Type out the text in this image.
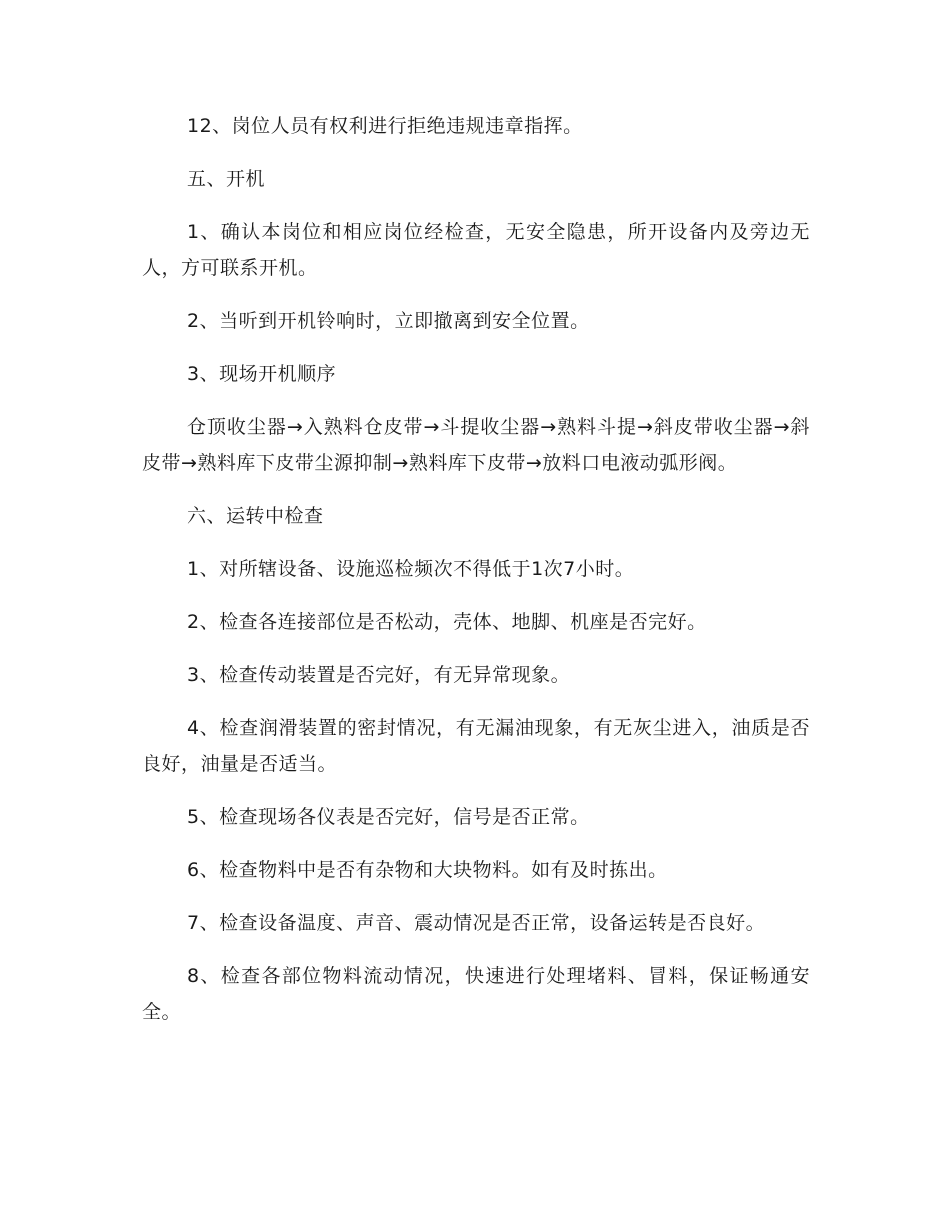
12、岗位人员有权利进行拒绝违规违章指挥。

五、开机

1、确认本岗位和相应岗位经检查，无安全隐患，所开设备内及旁边无人，方可联系开机。

2、当听到开机铃响时，立即撤离到安全位置。

3、现场开机顺序

仓顶收尘器→入熟料仓皮带→斗提收尘器→熟料斗提→斜皮带收尘器→斜皮带→熟料库下皮带尘源抑制→熟料库下皮带→放料口电液动弧形阀。

六、运转中检查

1、对所辖设备、设施巡检频次不得低于1次7小时。

2、检查各连接部位是否松动，壳体、地脚、机座是否完好。

3、检查传动装置是否完好，有无异常现象。

4、检查润滑装置的密封情况，有无漏油现象，有无灰尘进入，油质是否良好，油量是否适当。

5、检查现场各仪表是否完好，信号是否正常。

6、检查物料中是否有杂物和大块物料。如有及时拣出。

7、检查设备温度、声音、震动情况是否正常，设备运转是否良好。

8、检查各部位物料流动情况，快速进行处理堵料、冒料，保证畅通安全。
